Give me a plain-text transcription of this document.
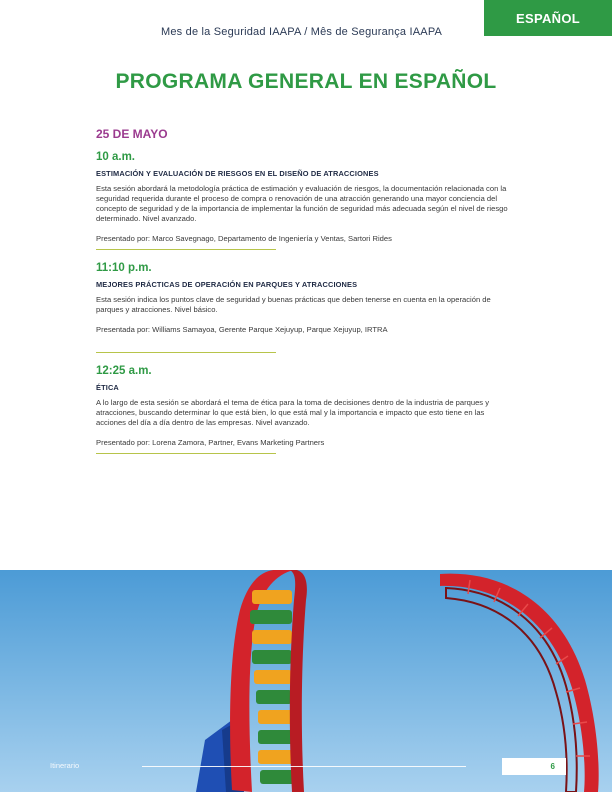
Mes de la Seguridad IAAPA / Mês de Segurança IAAPA
ESPAÑOL
PROGRAMA GENERAL EN ESPAÑOL
25 DE MAYO
10 a.m.
ESTIMACIÓN Y EVALUACIÓN DE RIESGOS EN EL DISEÑO DE ATRACCIONES

Esta sesión abordará la metodología práctica de estimación y evaluación de riesgos, la documentación relacionada con la seguridad requerida durante el proceso de compra o renovación de una atracción generando una mayor conciencia del concepto de seguridad y de la importancia de implementar la función de seguridad más adecuada según el nivel de riesgo determinado. Nivel avanzado.

Presentado por: Marco Savegnago, Departamento de Ingeniería y Ventas, Sartori Rides
11:10 p.m.
MEJORES PRÁCTICAS DE OPERACIÓN EN PARQUES Y ATRACCIONES

Esta sesión indica los puntos clave de seguridad y buenas prácticas que deben tenerse en cuenta en la operación de parques y atracciones. Nivel básico.

Presentada por: Williams Samayoa, Gerente Parque Xejuyup, Parque Xejuyup, IRTRA
12:25 a.m.
ÉTICA

A lo largo de esta sesión se abordará el tema de ética para la toma de decisiones dentro de la industria de parques y atracciones, buscando determinar lo que está bien, lo que está mal y la importancia e impacto que esto tiene en las acciones del día a día dentro de las empresas. Nivel avanzado.

Presentado por: Lorena Zamora, Partner, Evans Marketing Partners
Itinerario	6
